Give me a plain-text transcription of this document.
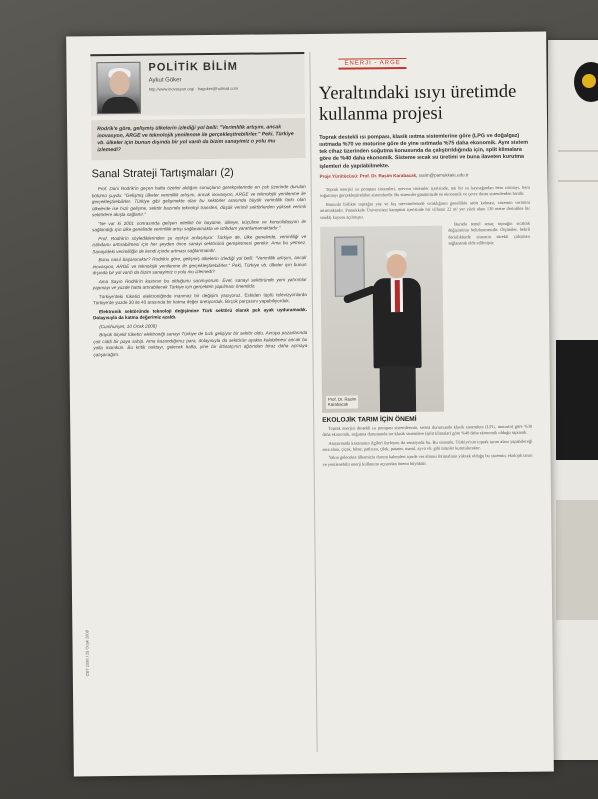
POLİTİK BİLİM
Aykut Göker
http://www.inovasyon.org/ · hagoker@hotmail.com
Rodrik'e göre, gelişmiş ülkelerin izlediği yol belli: "Verimlilik artışını, ancak inovasyon, ARGE ve teknolojik yenilenme ile gerçekleştirebilirler." Peki, Türkiye vb. ülkeler için bunun dışında bir yol vardı da bizim sanayimiz o yolu mu izlemedi?
Sanal Strateji Tartışmaları (2)

Prof. Dani Rodrik'in geçen hafta özetini aldığım sonuçların gerekçelerinde en çok üzerinde durulan bölümü şuydu: "Gelişmiş ülkeler verimlilik artışını, ancak inovasyon, ARGE ve teknolojik yenilenme ile gerçekleştirebilirler. Türkiye gibi gelişmekte olan bu sektörler arasında büyük verimlilik farkı olan ülkelerde ise hızlı gelişme, sektör bazında teknoloji transferi, düşük verimli sektörlerden yüksek verimli sektörlere akışla sağlanır."

"Ne var ki 2001 sonrasında gelişen nitelikli bir büyüme, ülkeye, küçülme ve konsolidasyon ile sağlandığı için ülke genelinde verimlilik artışı sağlanamakta ve istihdam yaratılamamaktadır."

Prof. Rodrik'in söylediklerinden şu açıkça anlaşılıyor: Türkiye de, ülke genelinde, verimliliği ve istihdamı arttırabilmesi için her şeyden önce sanayi sektörünü genişletmesi gerekir. Ama bu yetmez. Sanayideki verimliliğin de kendi içinde artması sağlanmalıdır.

Bunu nasıl başaracaktır? Rodrik'e göre, gelişmiş ülkelerin izlediği yol belli: "Verimlilik artışını, ancak inovasyon, ARGE ve teknolojik yenilenme ile gerçekleştirebilirler." Peki, Türkiye vb. ülkeler için bunun dışında bir yol vardı da bizim sanayimiz o yolu mu izlemedi?

Ama Sayın Rodrik'in kastının bu olduğunu sanmıyorum. Evet, sanayi sektöründe yeni yatırımlar yapmayı ve yüzde hatta artırabilecek Türkiye için gerçekten yapılması önemlidir.

Türkiye'deki tüketici elektroniğinde inanmaz bir değişim yaşıyoruz. Eskiden tüplü televizyonlarda Türkiye'de yüzde 30 ile 40 arasında bir katma değer üretiyorduk. Birçok parçasını yapabiliyorduk.

Elektronik sektöründe teknoloji değişimine Türk sektörü olarak pek ayak uyduramadık. Dolayısıyla da katma değerimiz azaldı.

(Cumhuriyet, 10 Ocak 2008)

Büyük ölçekli tüketici elektroniği sanayi Türkiye de hızlı gelişiyor bir sektör oldu. Avrupa pazarlarında çok ciddi bir paya sahip. Ama kazandığımız para, dolayısıyla da sektörün ayakta kalabilmesi ancak bu yolla mümkün. Bu kritik noktayı, gelecek hafta, yine bir iktisatçının ağzından biraz daha açmaya çalışacağım.

CBT 1096 / 25 Ocak 2008
ENERJİ - ARGE
Yeraltındaki ısıyı üretimde kullanma projesi
Toprak destekli ısı pompası, klasik ısıtma sistemlerine göre (LPG ve doğalgaz) ısıtmada %70 ve motorine göre de yine ısıtmada %75 daha ekonomik. Aynı sistem tek cihaz üzerinden soğutma konusunda da çalıştırıldığında için, split klimalara göre de %40 daha ekonomik. Sisteme sıcak su üretimi ve buna ilaveten kurutma işlemleri de yapılabilmekte.
Proje Yürütücüsü: Prof. Dr. Rasim Karabacak, rasim@pamukkale.edu.tr

Toprak enerjisi ısı pompası sistemleri, mevcut sistemler içerisinde, tek bir ısı kaynağından hem ısıtmayı, hem soğutmayı gerçekleştirebilen sistemlerdir. Bu sistemler günümüzde en ekonomik ve çevre dostu sistemlerden biridir.

Bununla birlikte toprağın yaz ve kış mevsimlerinde sıcaklığının genellikle sabit kalması, sistemin verimini artırmaktadır. Pamukkale Üniversitesi kampüsü içerisinde bir villanın 22 m² yer yüzü alanı 130 metre derinlikte bir sondaj kuyusu açılmıştır.

Prof. Dr. Rasim
Karabacak

Burada temel amaç toprağın sıcaklık değişiminin belirlenmesidir. Ölçümler, belirli derinliklerde sistemin sürekli çalışması sağlanarak elde edilmiştir.

EKOLOJİK TARIM İÇİN ÖNEMİ

Toprak enerjisi destekli ısı pompası sistemlerinin, serma durumunda klasik sistemlere (LPG, motorin) göre %30 daha ekonomik, soğutma durumunda ise klasik sistemlere (split klimalar) göre %40 daha ekonomik olduğu saptandı.

Araştırmada kazanımın ilgileri ilerleyen iki senaryoda bu. Bu sistemle, Türkiye'nin toprak tarım alanı yapabileceği sera alanı, çiçek, biber, patlıcan, çilek, patates, marul, ayva vb. gibi ürünler kurutulacaktır.

Yakın gelecekte ülkemizin durum kalemleri içinde ver alması ihtimalinin yüksek olduğu bu sistemin, ekolojik tarım ve yenilenebilir enerji kullanımı açısından önemi büyüktür.
